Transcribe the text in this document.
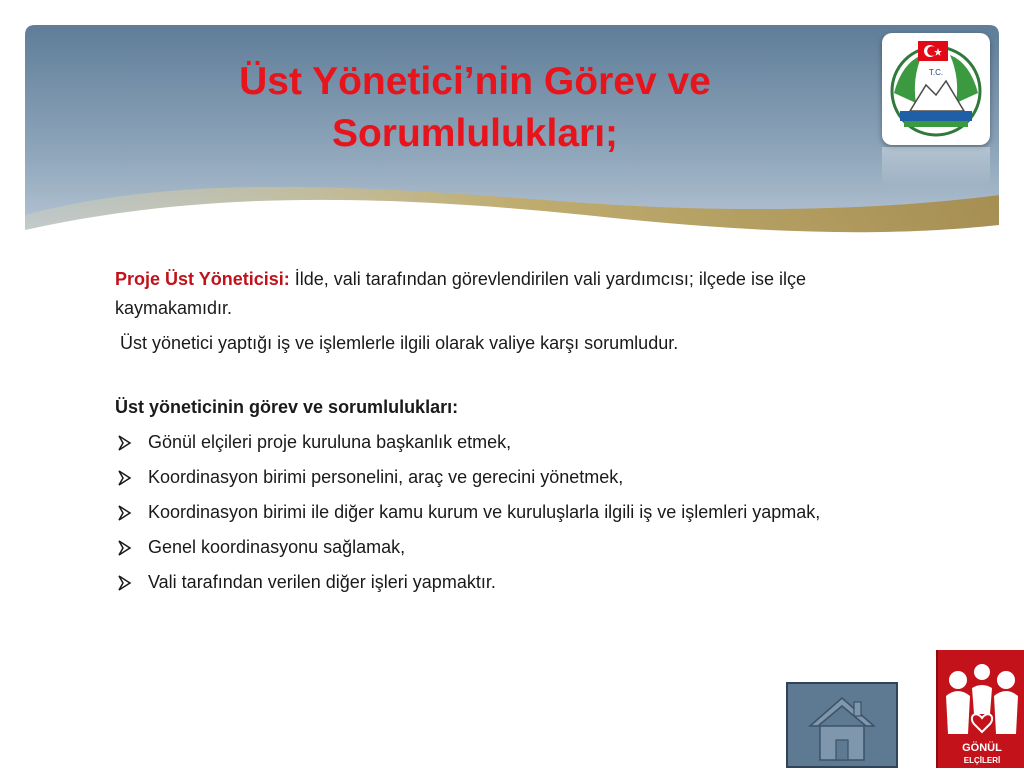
Üst Yönetici’nin Görev ve Sorumlulukları;
T.C.

Proje Üst Yöneticisi: İlde, vali tarafından görevlendirilen vali yardımcısı; ilçede ise ilçe kaymakamıdır.

Üst yönetici yaptığı iş ve işlemlerle ilgili olarak valiye karşı sorumludur.

Üst yöneticinin görev ve sorumlulukları:

Gönül elçileri proje kuruluna başkanlık etmek,
Koordinasyon birimi personelini, araç ve gerecini yönetmek,
Koordinasyon birimi ile diğer kamu kurum ve kuruluşlarla ilgili iş ve işlemleri yapmak,
Genel koordinasyonu sağlamak,
Vali tarafından verilen diğer işleri yapmaktır.
GÖNÜL
ELÇİLERİ
